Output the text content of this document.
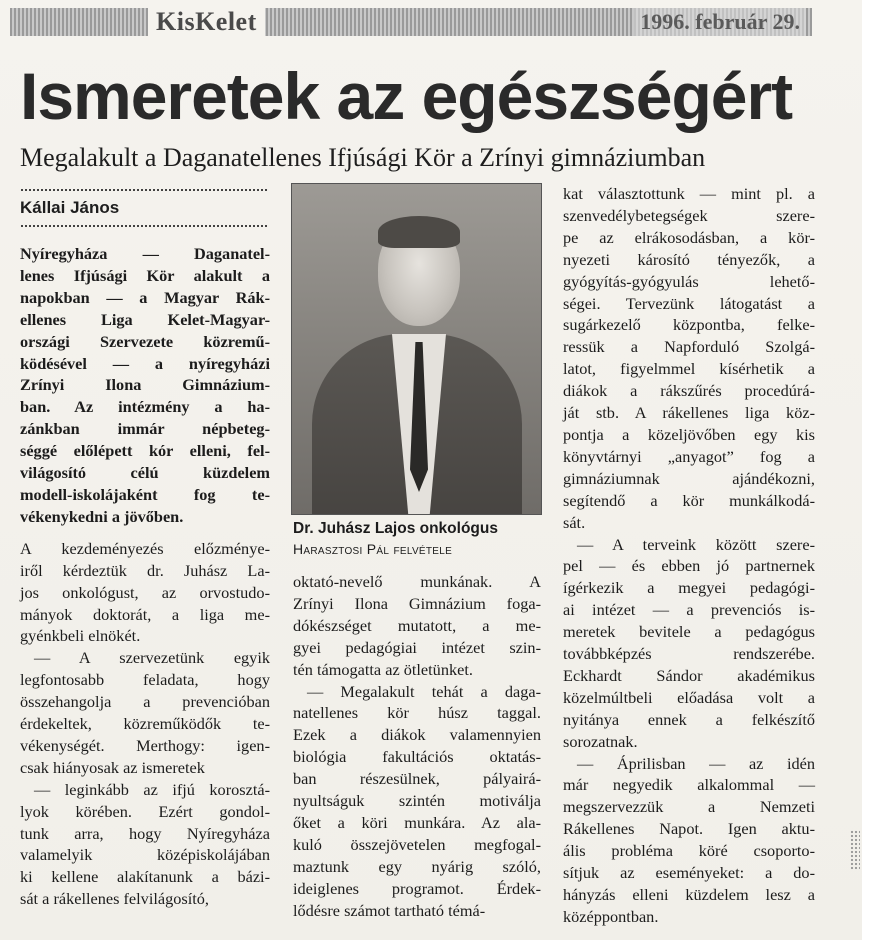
KisKelet	1996. február 29.
Ismeretek az egészségért
Megalakult a Daganatellenes Ifjúsági Kör a Zrínyi gimnáziumban
Kállai János

Nyíregyháza — Daganatel-

lenes Ifjúsági Kör alakult a

napokban — a Magyar Rák-

ellenes Liga Kelet-Magyar-

országi Szervezete közremű-

ködésével — a nyíregyházi

Zrínyi Ilona Gimnázium-

ban. Az intézmény a ha-

zánkban immár népbeteg-

séggé előlépett kór elleni, fel-

világosító célú küzdelem

modell-iskolájaként fog te-

vékenykedni a jövőben.

A kezdeményezés előzménye-

iről kérdeztük dr. Juhász La-

jos onkológust, az orvostudo-

mányok doktorát, a liga me-

gyénkbeli elnökét.

— A szervezetünk egyik

legfontosabb feladata, hogy

összehangolja a prevencióban

érdekeltek, közreműködők te-

vékenységét. Merthogy: igen-

csak hiányosak az ismeretek

— leginkább az ifjú korosztá-

lyok körében. Ezért gondol-

tunk arra, hogy Nyíregyháza

valamelyik középiskolájában

ki kellene alakítanunk a bázi-

sát a rákellenes felvilágosító,

Dr. Juhász Lajos onkológus Harasztosi Pál felvétele

oktató-nevelő munkának. A

Zrínyi Ilona Gimnázium foga-

dókészséget mutatott, a me-

gyei pedagógiai intézet szin-

tén támogatta az ötletünket.

— Megalakult tehát a daga-

natellenes kör húsz taggal.

Ezek a diákok valamennyien

biológia fakultációs oktatás-

ban részesülnek, pályairá-

nyultságuk szintén motiválja

őket a köri munkára. Az ala-

kuló összejövetelen megfogal-

maztunk egy nyárig szóló,

ideiglenes programot. Érdek-

lődésre számot tartható témá-

kat választottunk — mint pl. a

szenvedélybetegségek szere-

pe az elrákosodásban, a kör-

nyezeti károsító tényezők, a

gyógyítás-gyógyulás lehető-

ségei. Tervezünk látogatást a

sugárkezelő központba, felke-

ressük a Napforduló Szolgá-

latot, figyelmmel kísérhetik a

diákok a rákszűrés procedúrá-

ját stb. A rákellenes liga köz-

pontja a közeljövőben egy kis

könyvtárnyi „anyagot” fog a

gimnáziumnak ajándékozni,

segítendő a kör munkálkodá-

sát.

— A terveink között szere-

pel — és ebben jó partnernek

ígérkezik a megyei pedagógi-

ai intézet — a prevenciós is-

meretek bevitele a pedagógus

továbbképzés rendszerébe.

Eckhardt Sándor akadémikus

közelmúltbeli előadása volt a

nyitánya ennek a felkészítő

sorozatnak.

— Áprilisban — az idén

már negyedik alkalommal —

megszervezzük a Nemzeti

Rákellenes Napot. Igen aktu-

ális probléma köré csoporto-

sítjuk az eseményeket: a do-

hányzás elleni küzdelem lesz a

középpontban.
